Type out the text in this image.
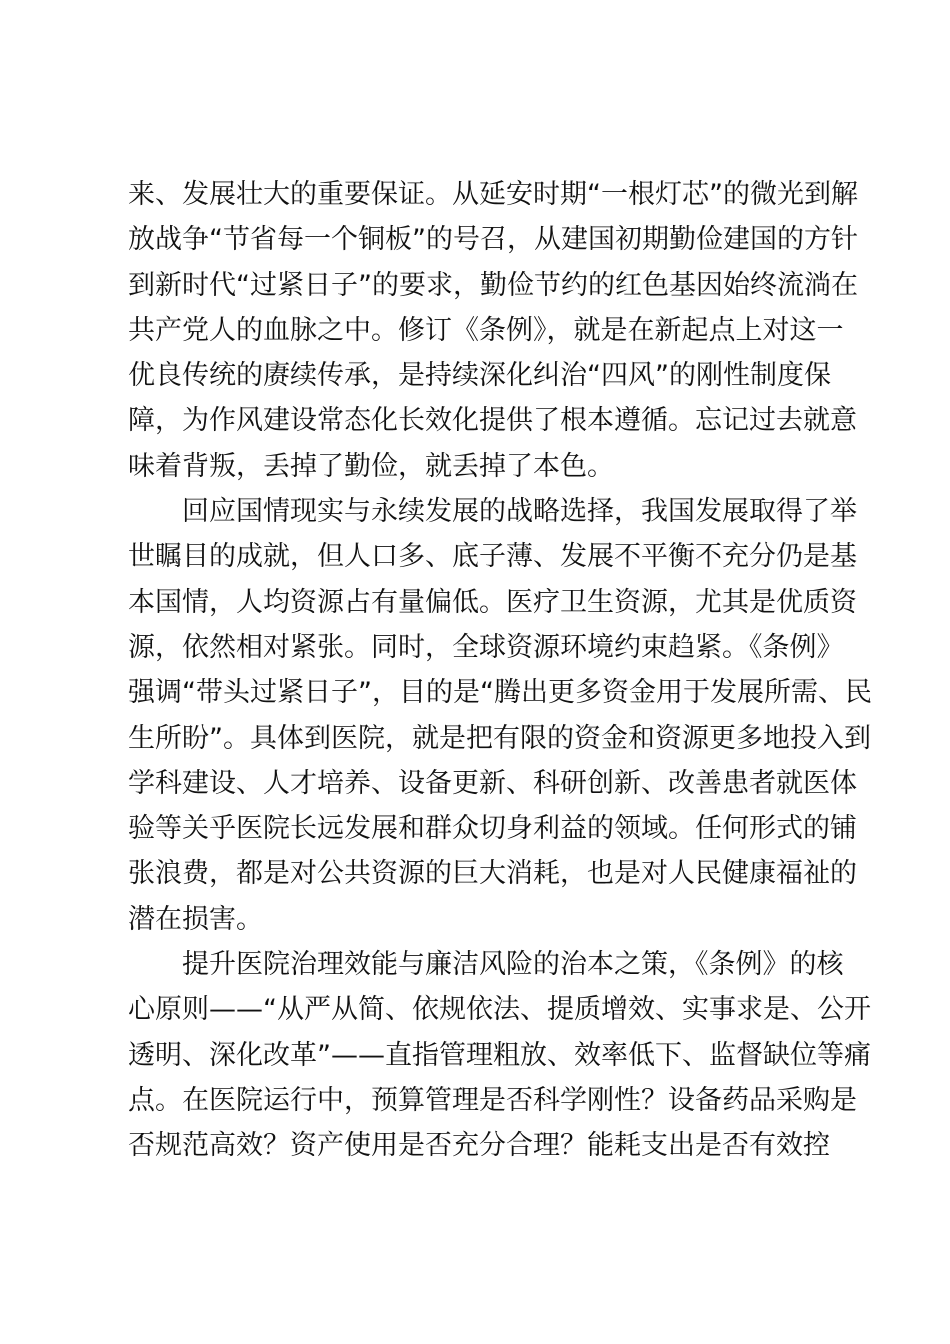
来、发展壮大的重要保证。从延安时期“一根灯芯”的微光到解
放战争“节省每一个铜板”的号召，从建国初期勤俭建国的方针
到新时代“过紧日子”的要求，勤俭节约的红色基因始终流淌在
共产党人的血脉之中。修订《条例》，就是在新起点上对这一
优良传统的赓续传承，是持续深化纠治“四风”的刚性制度保
障，为作风建设常态化长效化提供了根本遵循。忘记过去就意
味着背叛，丢掉了勤俭，就丢掉了本色。
回应国情现实与永续发展的战略选择，我国发展取得了举
世瞩目的成就，但人口多、底子薄、发展不平衡不充分仍是基
本国情，人均资源占有量偏低。医疗卫生资源，尤其是优质资
源，依然相对紧张。同时，全球资源环境约束趋紧。《条例》
强调“带头过紧日子”，目的是“腾出更多资金用于发展所需、民
生所盼”。具体到医院，就是把有限的资金和资源更多地投入到
学科建设、人才培养、设备更新、科研创新、改善患者就医体
验等关乎医院长远发展和群众切身利益的领域。任何形式的铺
张浪费，都是对公共资源的巨大消耗，也是对人民健康福祉的
潜在损害。
提升医院治理效能与廉洁风险的治本之策，《条例》的核
心原则——“从严从简、依规依法、提质增效、实事求是、公开
透明、深化改革”——直指管理粗放、效率低下、监督缺位等痛
点。在医院运行中，预算管理是否科学刚性？设备药品采购是
否规范高效？资产使用是否充分合理？能耗支出是否有效控
